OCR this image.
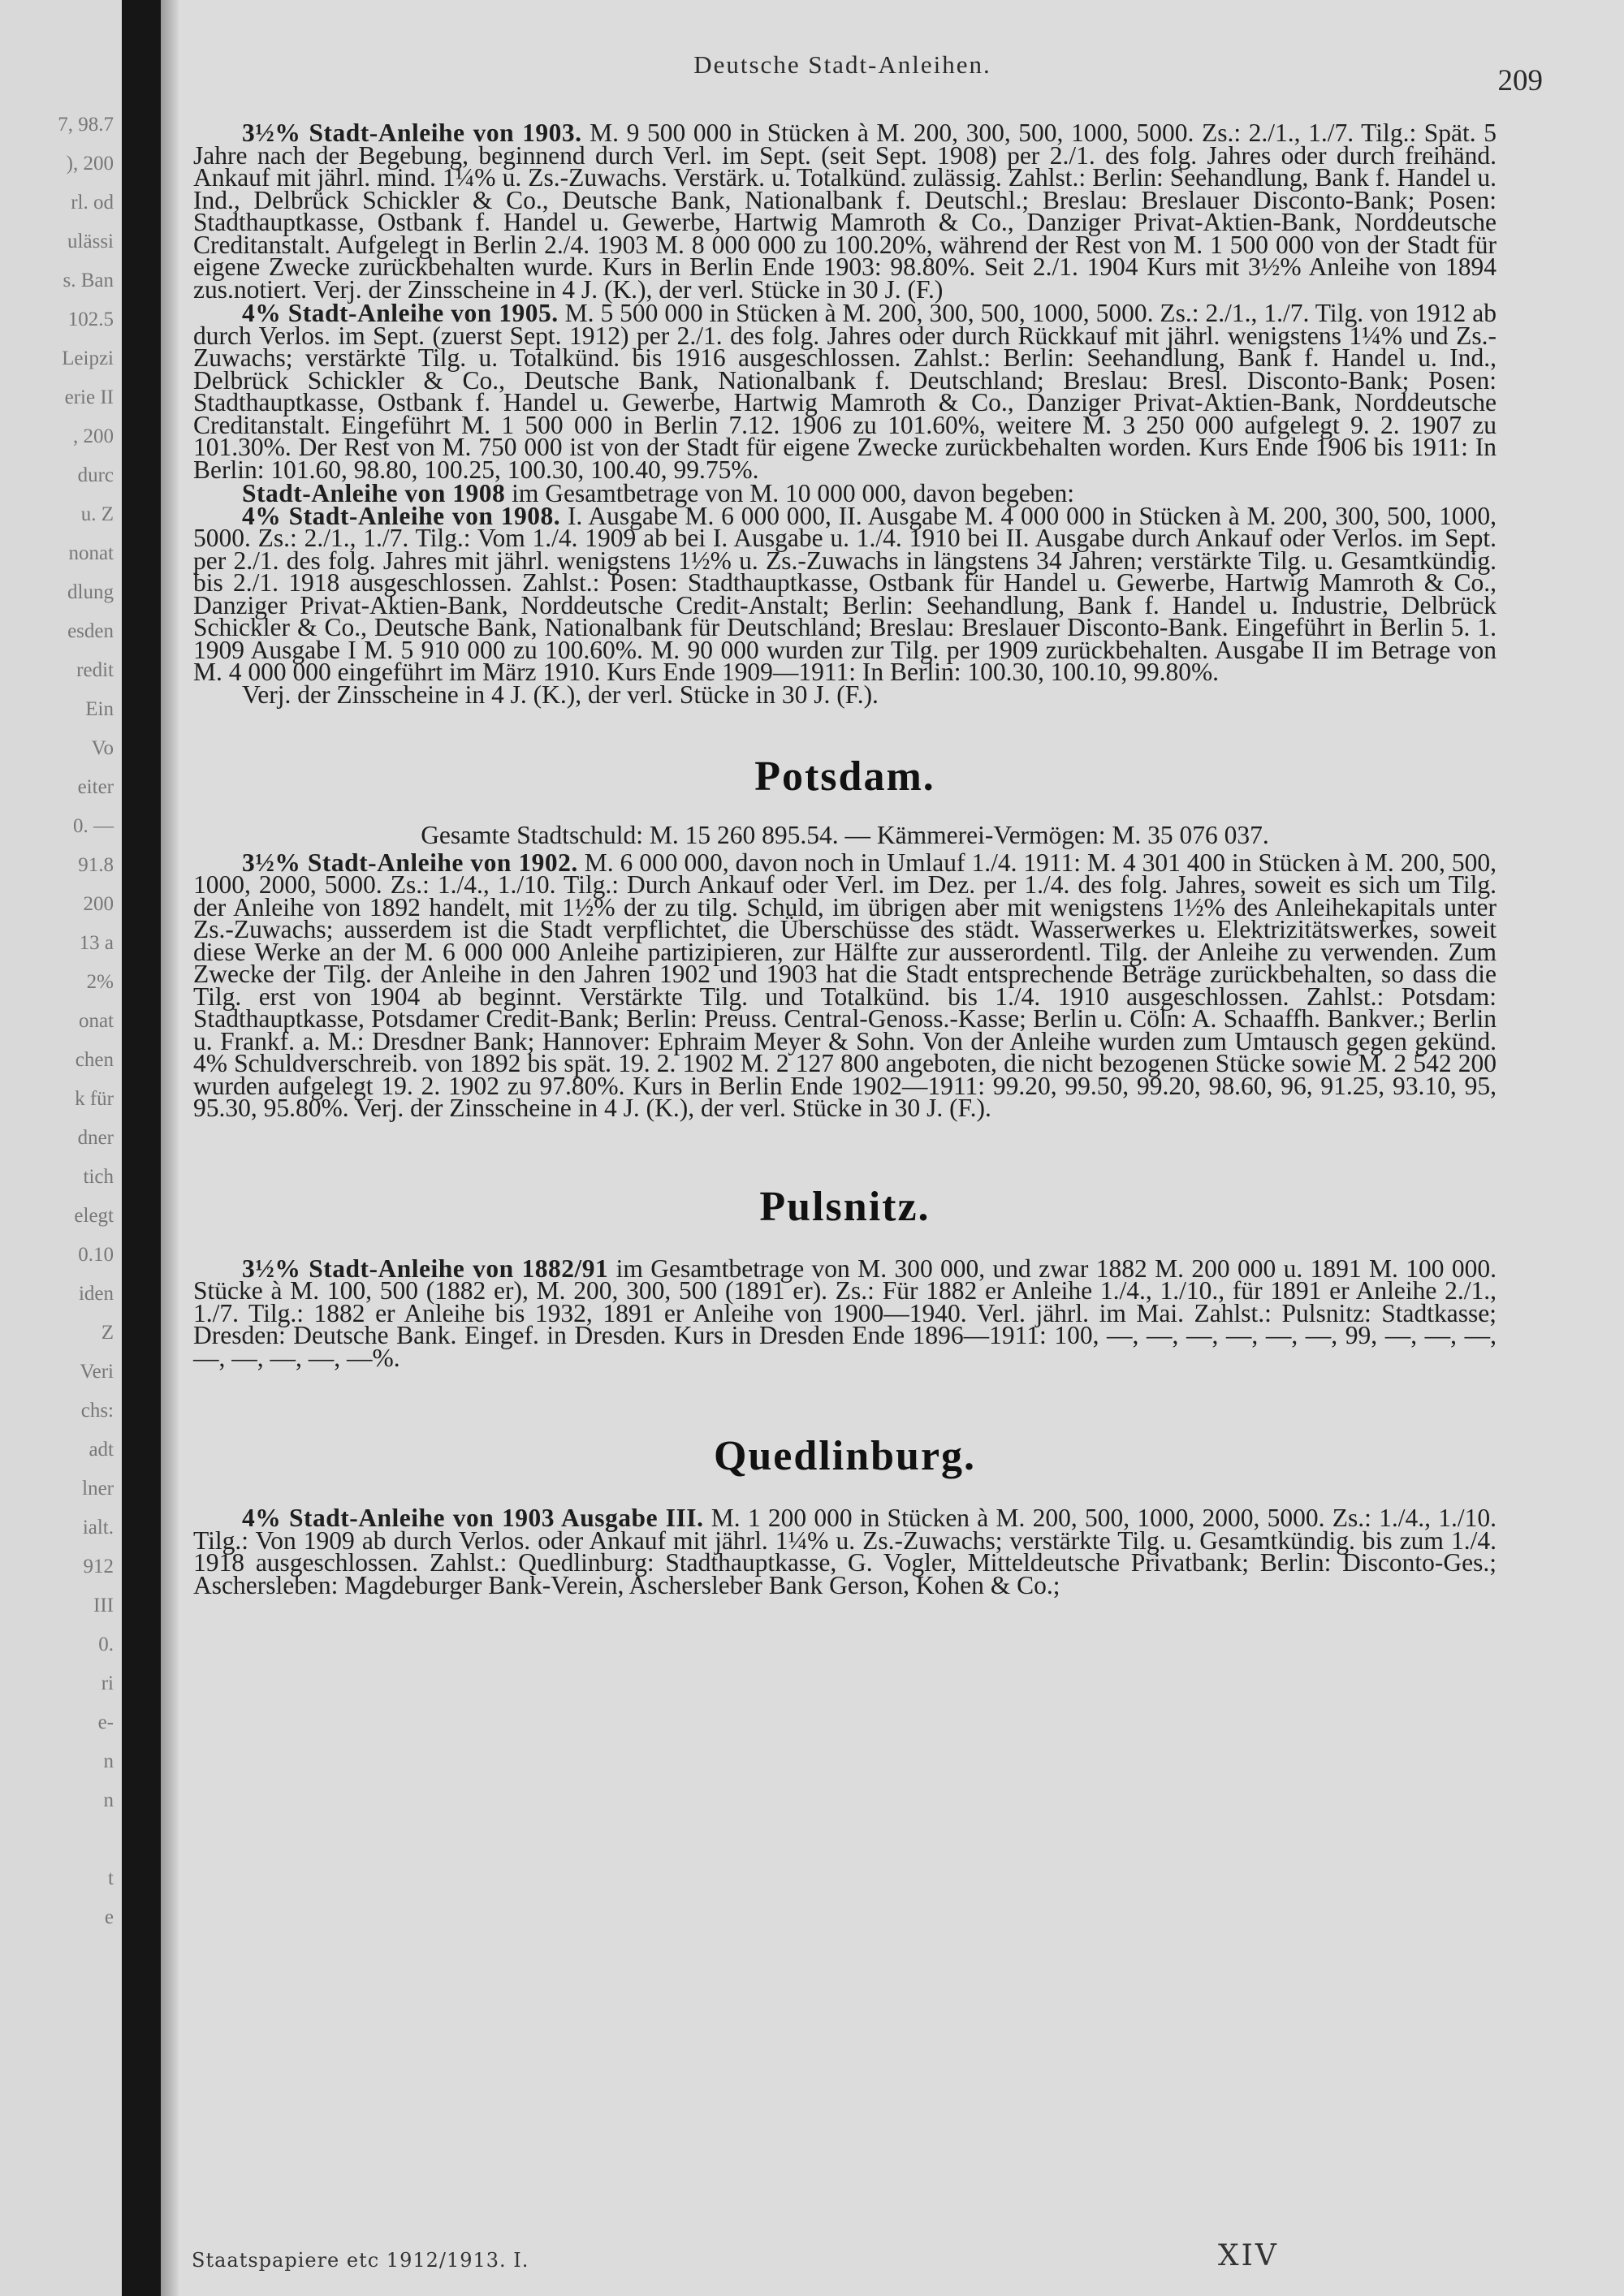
7, 98.7
), 200
rl. od
ulässi
s. Ban
102.5
Leipzi
erie II
, 200
durc
u. Z
nonat
dlung
esden
redit
Ein
Vo
eiter
0. —
91.8
200
13 a
2%
onat
chen
k für
dner
tich
elegt
0.10
iden
Z
Veri
chs:
adt
lner
ialt.
912
III
0.
ri
e-
n
n
t
e
Deutsche Stadt-Anleihen.	209

3½% Stadt-Anleihe von 1903. M. 9 500 000 in Stücken à M. 200, 300, 500, 1000, 5000. Zs.: 2./1., 1./7. Tilg.: Spät. 5 Jahre nach der Begebung, beginnend durch Verl. im Sept. (seit Sept. 1908) per 2./1. des folg. Jahres oder durch freihänd. Ankauf mit jährl. mind. 1¼% u. Zs.-Zuwachs. Verstärk. u. Totalkünd. zulässig. Zahlst.: Berlin: Seehandlung, Bank f. Handel u. Ind., Delbrück Schickler & Co., Deutsche Bank, Nationalbank f. Deutschl.; Breslau: Breslauer Disconto-Bank; Posen: Stadthauptkasse, Ostbank f. Handel u. Gewerbe, Hartwig Mamroth & Co., Danziger Privat-Aktien-Bank, Norddeutsche Creditanstalt. Aufgelegt in Berlin 2./4. 1903 M. 8 000 000 zu 100.20%, während der Rest von M. 1 500 000 von der Stadt für eigene Zwecke zurückbehalten wurde. Kurs in Berlin Ende 1903: 98.80%. Seit 2./1. 1904 Kurs mit 3½% Anleihe von 1894 zus.notiert. Verj. der Zinsscheine in 4 J. (K.), der verl. Stücke in 30 J. (F.)

4% Stadt-Anleihe von 1905. M. 5 500 000 in Stücken à M. 200, 300, 500, 1000, 5000. Zs.: 2./1., 1./7. Tilg. von 1912 ab durch Verlos. im Sept. (zuerst Sept. 1912) per 2./1. des folg. Jahres oder durch Rückkauf mit jährl. wenigstens 1¼% und Zs.-Zuwachs; verstärkte Tilg. u. Totalkünd. bis 1916 ausgeschlossen. Zahlst.: Berlin: Seehandlung, Bank f. Handel u. Ind., Delbrück Schickler & Co., Deutsche Bank, Nationalbank f. Deutschland; Breslau: Bresl. Disconto-Bank; Posen: Stadthauptkasse, Ostbank f. Handel u. Gewerbe, Hartwig Mamroth & Co., Danziger Privat-Aktien-Bank, Norddeutsche Creditanstalt. Eingeführt M. 1 500 000 in Berlin 7.12. 1906 zu 101.60%, weitere M. 3 250 000 aufgelegt 9. 2. 1907 zu 101.30%. Der Rest von M. 750 000 ist von der Stadt für eigene Zwecke zurückbehalten worden. Kurs Ende 1906 bis 1911: In Berlin: 101.60, 98.80, 100.25, 100.30, 100.40, 99.75%.

Stadt-Anleihe von 1908 im Gesamtbetrage von M. 10 000 000, davon begeben:

4% Stadt-Anleihe von 1908. I. Ausgabe M. 6 000 000, II. Ausgabe M. 4 000 000 in Stücken à M. 200, 300, 500, 1000, 5000. Zs.: 2./1., 1./7. Tilg.: Vom 1./4. 1909 ab bei I. Ausgabe u. 1./4. 1910 bei II. Ausgabe durch Ankauf oder Verlos. im Sept. per 2./1. des folg. Jahres mit jährl. wenigstens 1½% u. Zs.-Zuwachs in längstens 34 Jahren; verstärkte Tilg. u. Gesamtkündig. bis 2./1. 1918 ausgeschlossen. Zahlst.: Posen: Stadthauptkasse, Ostbank für Handel u. Gewerbe, Hartwig Mamroth & Co., Danziger Privat-Aktien-Bank, Norddeutsche Credit-Anstalt; Berlin: Seehandlung, Bank f. Handel u. Industrie, Delbrück Schickler & Co., Deutsche Bank, Nationalbank für Deutschland; Breslau: Breslauer Disconto-Bank. Eingeführt in Berlin 5. 1. 1909 Ausgabe I M. 5 910 000 zu 100.60%. M. 90 000 wurden zur Tilg. per 1909 zurückbehalten. Ausgabe II im Betrage von M. 4 000 000 eingeführt im März 1910. Kurs Ende 1909—1911: In Berlin: 100.30, 100.10, 99.80%.

Verj. der Zinsscheine in 4 J. (K.), der verl. Stücke in 30 J. (F.).

Potsdam.

Gesamte Stadtschuld: M. 15 260 895.54. — Kämmerei-Vermögen: M. 35 076 037.

3½% Stadt-Anleihe von 1902. M. 6 000 000, davon noch in Umlauf 1./4. 1911: M. 4 301 400 in Stücken à M. 200, 500, 1000, 2000, 5000. Zs.: 1./4., 1./10. Tilg.: Durch Ankauf oder Verl. im Dez. per 1./4. des folg. Jahres, soweit es sich um Tilg. der Anleihe von 1892 handelt, mit 1½% der zu tilg. Schuld, im übrigen aber mit wenigstens 1½% des Anleihekapitals unter Zs.-Zuwachs; ausserdem ist die Stadt verpflichtet, die Überschüsse des städt. Wasserwerkes u. Elektrizitätswerkes, soweit diese Werke an der M. 6 000 000 Anleihe partizipieren, zur Hälfte zur ausserordentl. Tilg. der Anleihe zu verwenden. Zum Zwecke der Tilg. der Anleihe in den Jahren 1902 und 1903 hat die Stadt entsprechende Beträge zurückbehalten, so dass die Tilg. erst von 1904 ab beginnt. Verstärkte Tilg. und Totalkünd. bis 1./4. 1910 ausgeschlossen. Zahlst.: Potsdam: Stadthauptkasse, Potsdamer Credit-Bank; Berlin: Preuss. Central-Genoss.-Kasse; Berlin u. Cöln: A. Schaaffh. Bankver.; Berlin u. Frankf. a. M.: Dresdner Bank; Hannover: Ephraim Meyer & Sohn. Von der Anleihe wurden zum Umtausch gegen gekünd. 4% Schuldverschreib. von 1892 bis spät. 19. 2. 1902 M. 2 127 800 angeboten, die nicht bezogenen Stücke sowie M. 2 542 200 wurden aufgelegt 19. 2. 1902 zu 97.80%. Kurs in Berlin Ende 1902—1911: 99.20, 99.50, 99.20, 98.60, 96, 91.25, 93.10, 95, 95.30, 95.80%. Verj. der Zinsscheine in 4 J. (K.), der verl. Stücke in 30 J. (F.).

Pulsnitz.

3½% Stadt-Anleihe von 1882/91 im Gesamtbetrage von M. 300 000, und zwar 1882 M. 200 000 u. 1891 M. 100 000. Stücke à M. 100, 500 (1882 er), M. 200, 300, 500 (1891 er). Zs.: Für 1882 er Anleihe 1./4., 1./10., für 1891 er Anleihe 2./1., 1./7. Tilg.: 1882 er Anleihe bis 1932, 1891 er Anleihe von 1900—1940. Verl. jährl. im Mai. Zahlst.: Pulsnitz: Stadtkasse; Dresden: Deutsche Bank. Eingef. in Dresden. Kurs in Dresden Ende 1896—1911: 100, —, —, —, —, —, —, 99, —, —, —, —, —, —, —, —%.

Quedlinburg.

4% Stadt-Anleihe von 1903 Ausgabe III. M. 1 200 000 in Stücken à M. 200, 500, 1000, 2000, 5000. Zs.: 1./4., 1./10. Tilg.: Von 1909 ab durch Verlos. oder Ankauf mit jährl. 1¼% u. Zs.-Zuwachs; verstärkte Tilg. u. Gesamtkündig. bis zum 1./4. 1918 ausgeschlossen. Zahlst.: Quedlinburg: Stadthauptkasse, G. Vogler, Mitteldeutsche Privatbank; Berlin: Disconto-Ges.; Aschersleben: Magdeburger Bank-Verein, Aschersleber Bank Gerson, Kohen & Co.;

Staatspapiere etc 1912/1913. I.	XIV
